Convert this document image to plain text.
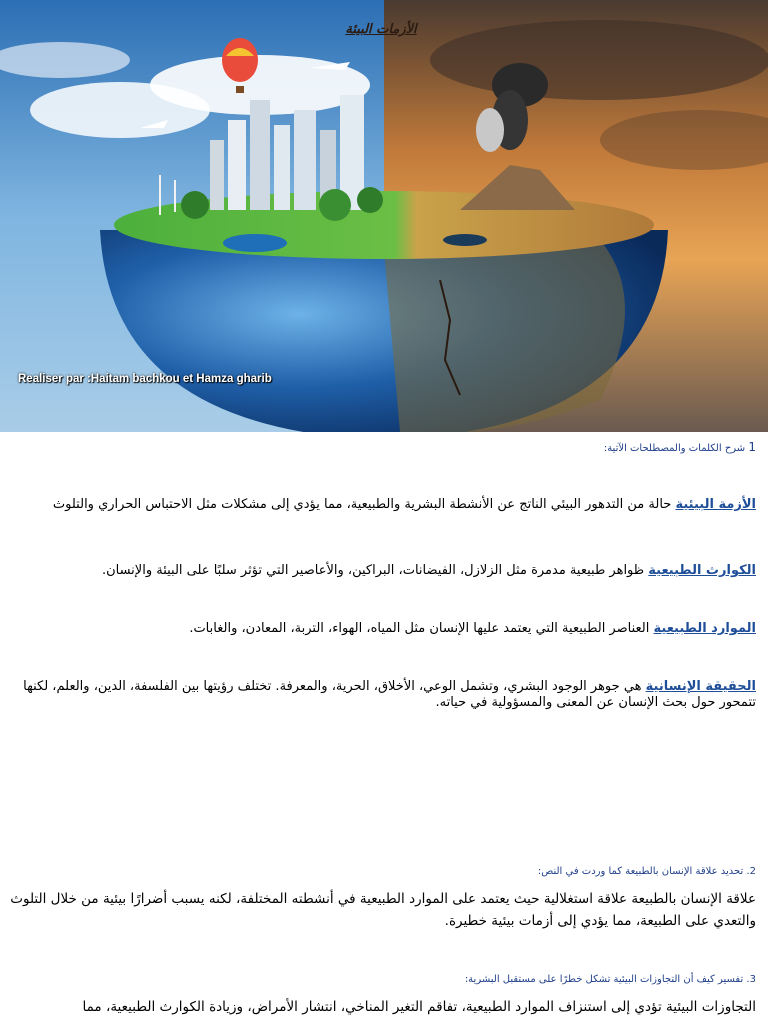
الأزمات البيئة
Realiser par :Haitam bachkou et Hamza gharib
1 شرح الكلمات والمصطلحات الآتية:
الأزمة البيئية حالة من التدهور البيئي الناتج عن الأنشطة البشرية والطبيعية، مما يؤدي إلى مشكلات مثل الاحتباس الحراري والتلوث
الكوارث الطبيعية ظواهر طبيعية مدمرة مثل الزلازل، الفيضانات، البراكين، والأعاصير التي تؤثر سلبًا على البيئة والإنسان.
الموارد الطبيعية العناصر الطبيعية التي يعتمد عليها الإنسان مثل المياه، الهواء، التربة، المعادن، والغابات.
الحقيقة الإنسانية هي جوهر الوجود البشري، وتشمل الوعي، الأخلاق، الحرية، والمعرفة. تختلف رؤيتها بين الفلسفة، الدين، والعلم، لكنها تتمحور حول بحث الإنسان عن المعنى والمسؤولية في حياته.
2. تحديد علاقة الإنسان بالطبيعة كما وردت في النص:
علاقة الإنسان بالطبيعة علاقة استغلالية حيث يعتمد على الموارد الطبيعية في أنشطته المختلفة، لكنه يسبب أضرارًا بيئية من خلال التلوث والتعدي على الطبيعة، مما يؤدي إلى أزمات بيئية خطيرة.
3. تفسير كيف أن التجاوزات البيئية تشكل خطرًا على مستقبل البشرية:
التجاوزات البيئية تؤدي إلى استنزاف الموارد الطبيعية، تفاقم التغير المناخي، انتشار الأمراض، وزيادة الكوارث الطبيعية، مما
